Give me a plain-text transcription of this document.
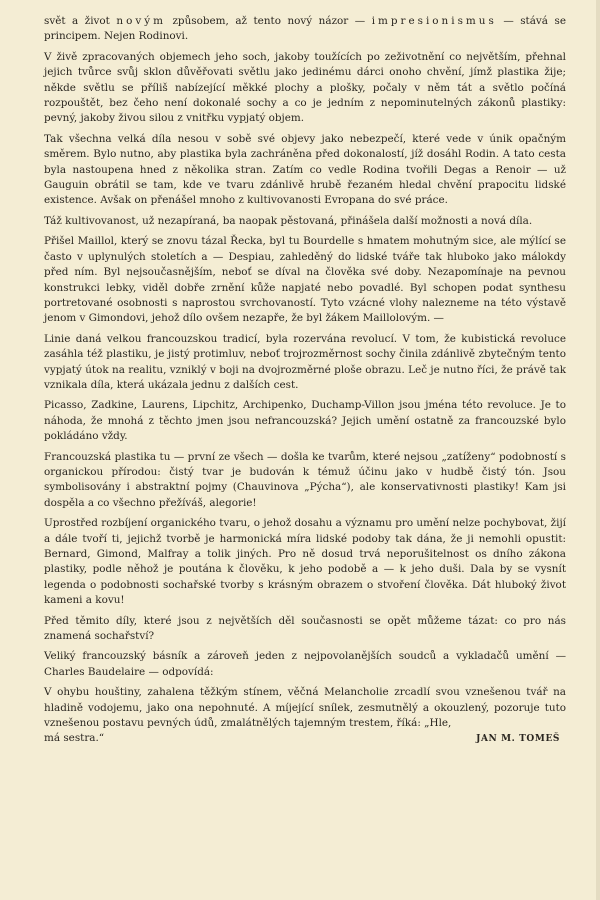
svět a život novým způsobem, až tento nový názor — impresionismus — stává se principem. Nejen Rodinovi.

V živě zpracovaných objemech jeho soch, jakoby toužících po zeživotnění co největším, přehnal jejich tvůrce svůj sklon důvěřovati světlu jako jedinému dárci onoho chvění, jímž plastika žije; někde světlu se příliš nabízející měkké plochy a plošky, počaly v něm tát a světlo počíná rozpouštět, bez čeho není dokonalé sochy a co je jedním z nepominutelných zákonů plastiky: pevný, jakoby živou silou z vnitřku vypjatý objem.

Tak všechna velká díla nesou v sobě své objevy jako nebezpečí, které vede v únik opačným směrem. Bylo nutno, aby plastika byla zachráněna před dokonalostí, jíž dosáhl Rodin. A tato cesta byla nastoupena hned z několika stran. Zatím co vedle Rodina tvořili Degas a Renoir — už Gauguin obrátil se tam, kde ve tvaru zdánlivě hrubě řezaném hledal chvění prapocitu lidské existence. Avšak on přenášel mnoho z kultivovanosti Evropana do své práce.

Táž kultivovanost, už nezapíraná, ba naopak pěstovaná, přinášela další možnosti a nová díla.

Přišel Maillol, který se znovu tázal Řecka, byl tu Bourdelle s hmatem mohutným sice, ale mýlící se často v uplynulých stoletích a — Despiau, zahleděný do lidské tváře tak hluboko jako málokdy před ním. Byl nejsoučasnějším, neboť se díval na člověka své doby. Nezapomínaje na pevnou konstrukci lebky, viděl dobře zrnění kůže napjaté nebo povadlé. Byl schopen podat synthesu portretované osobnosti s naprostou svrchovaností. Tyto vzácné vlohy nalezneme na této výstavě jenom v Gimondovi, jehož dílo ovšem nezapře, že byl žákem Maillolovým. —

Linie daná velkou francouzskou tradicí, byla rozervána revolucí. V tom, že kubistická revoluce zasáhla též plastiku, je jistý protimluv, neboť trojrozměrnost sochy činila zdánlivě zbytečným tento vypjatý útok na realitu, vzniklý v boji na dvojrozměrné ploše obrazu. Leč je nutno říci, že právě tak vznikala díla, která ukázala jednu z dalších cest.

Picasso, Zadkine, Laurens, Lipchitz, Archipenko, Duchamp-Villon jsou jména této revoluce. Je to náhoda, že mnohá z těchto jmen jsou nefrancouzská? Jejich umění ostatně za francouzské bylo pokládáno vždy.

Francouzská plastika tu — první ze všech — došla ke tvarům, které nejsou „zatíženy“ podobností s organickou přírodou: čistý tvar je budován k témuž účinu jako v hudbě čistý tón. Jsou symbolisovány i abstraktní pojmy (Chauvinova „Pýcha“), ale konservativnosti plastiky! Kam jsi dospěla a co všechno přežíváš, alegorie!

Uprostřed rozbíjení organického tvaru, o jehož dosahu a významu pro umění nelze pochybovat, žijí a dále tvoří ti, jejichž tvorbě je harmonická míra lidské podoby tak dána, že ji nemohli opustit: Bernard, Gimond, Malfray a tolik jiných. Pro ně dosud trvá neporušitelnost os dního zákona plastiky, podle něhož je poutána k člověku, k jeho podobě a — k jeho duši. Dala by se vysnít legenda o podobnosti sochařské tvorby s krásným obrazem o stvoření člověka. Dát hluboký život kameni a kovu!

Před těmito díly, které jsou z největších děl současnosti se opět můžeme tázat: co pro nás znamená sochařství?

Veliký francouzský básník a zároveň jeden z nejpovolanějších soudců a vykladačů umění — Charles Baudelaire — odpovídá:

V ohybu houštiny, zahalena těžkým stínem, věčná Melancholie zrcadlí svou vznešenou tvář na hladině vodojemu, jako ona nepohnuté. A míjející snílek, zesmutnělý a okouzlený, pozoruje tuto vznešenou postavu pevných údů, zmalátnělých tajemným trestem, říká: „Hle,
má sestra.“	JAN M. TOMEŠ
